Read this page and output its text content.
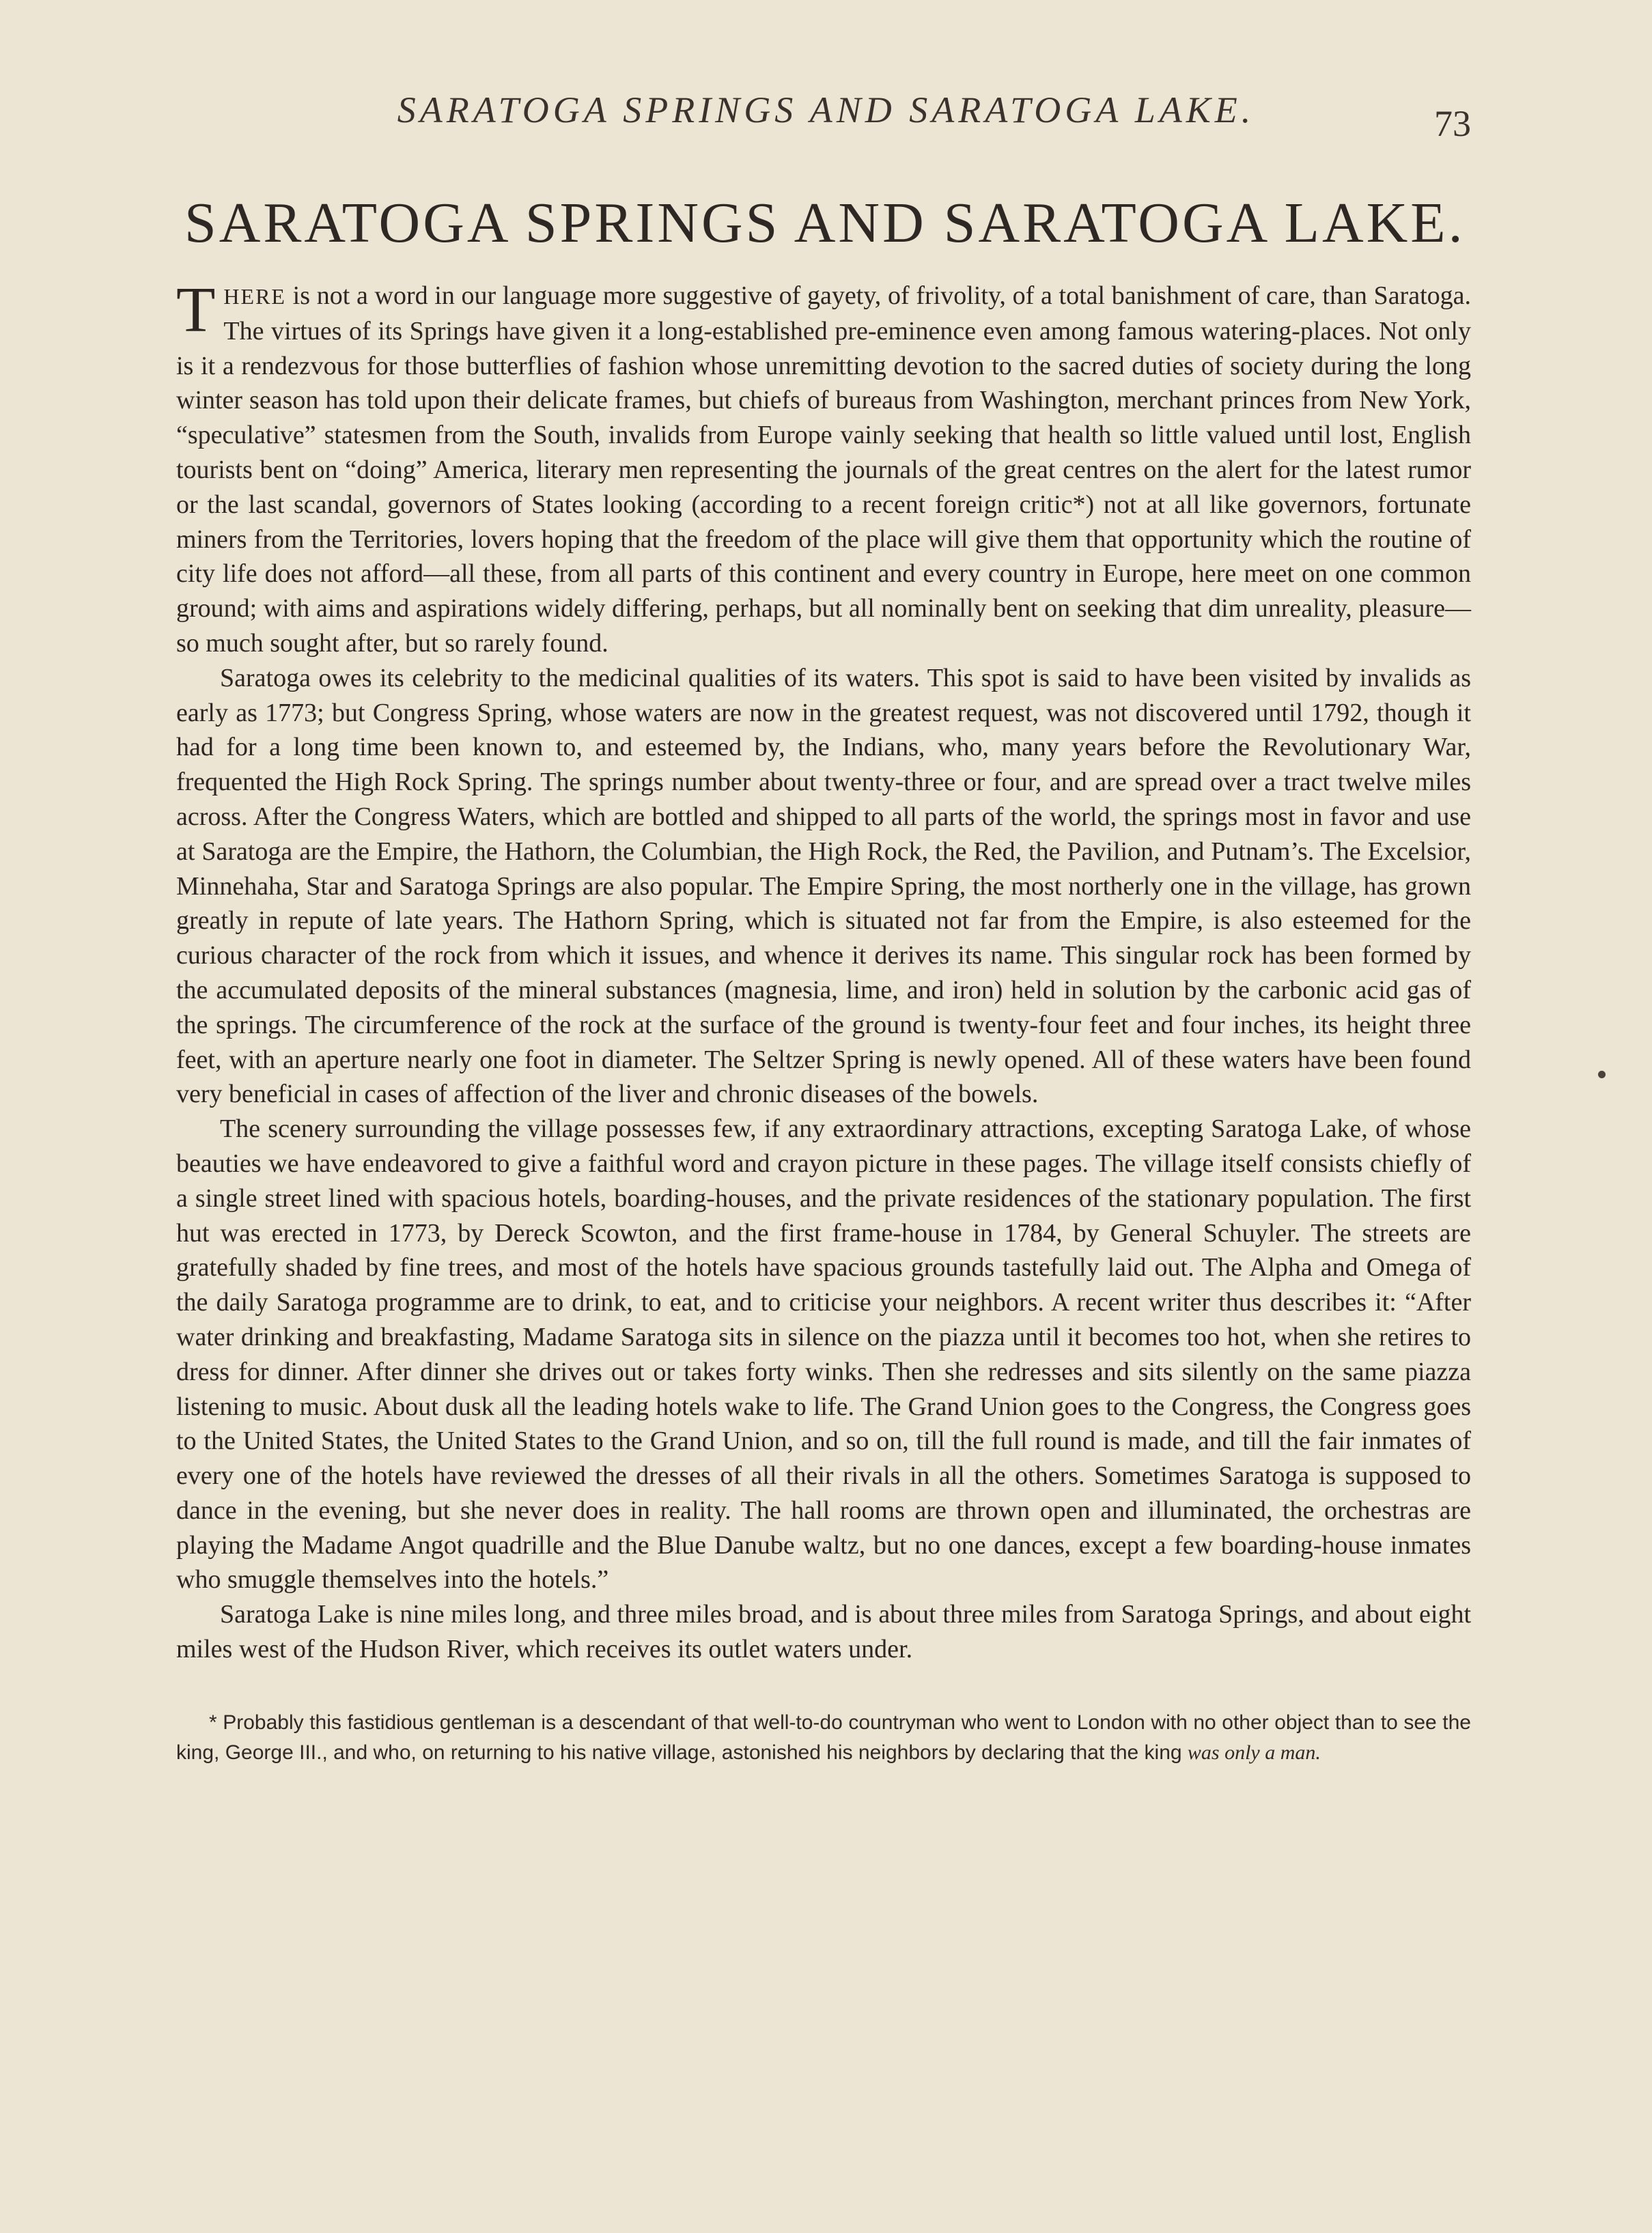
SARATOGA SPRINGS AND SARATOGA LAKE.	73
SARATOGA SPRINGS AND SARATOGA LAKE.

THERE is not a word in our language more suggestive of gayety, of frivolity, of a total banishment of care, than Saratoga. The virtues of its Springs have given it a long-established pre-eminence even among famous watering-places. Not only is it a rendezvous for those butterflies of fashion whose unremitting devotion to the sacred duties of society during the long winter season has told upon their delicate frames, but chiefs of bureaus from Washington, merchant princes from New York, “speculative” statesmen from the South, invalids from Europe vainly seeking that health so little valued until lost, English tourists bent on “doing” America, literary men representing the journals of the great centres on the alert for the latest rumor or the last scandal, governors of States looking (according to a recent foreign critic*) not at all like governors, fortunate miners from the Territories, lovers hoping that the freedom of the place will give them that opportunity which the routine of city life does not afford—all these, from all parts of this continent and every country in Europe, here meet on one common ground; with aims and aspirations widely differing, perhaps, but all nominally bent on seeking that dim unreality, pleasure—so much sought after, but so rarely found.

Saratoga owes its celebrity to the medicinal qualities of its waters. This spot is said to have been visited by invalids as early as 1773; but Congress Spring, whose waters are now in the greatest request, was not discovered until 1792, though it had for a long time been known to, and esteemed by, the Indians, who, many years before the Revolutionary War, frequented the High Rock Spring. The springs number about twenty-three or four, and are spread over a tract twelve miles across. After the Congress Waters, which are bottled and shipped to all parts of the world, the springs most in favor and use at Saratoga are the Empire, the Hathorn, the Columbian, the High Rock, the Red, the Pavilion, and Putnam’s. The Excelsior, Minnehaha, Star and Saratoga Springs are also popular. The Empire Spring, the most northerly one in the village, has grown greatly in repute of late years. The Hathorn Spring, which is situated not far from the Empire, is also esteemed for the curious character of the rock from which it issues, and whence it derives its name. This singular rock has been formed by the accumulated deposits of the mineral substances (magnesia, lime, and iron) held in solution by the carbonic acid gas of the springs. The circumference of the rock at the surface of the ground is twenty-four feet and four inches, its height three feet, with an aperture nearly one foot in diameter. The Seltzer Spring is newly opened. All of these waters have been found very beneficial in cases of affection of the liver and chronic diseases of the bowels.

The scenery surrounding the village possesses few, if any extraordinary attractions, excepting Saratoga Lake, of whose beauties we have endeavored to give a faithful word and crayon picture in these pages. The village itself consists chiefly of a single street lined with spacious hotels, boarding-houses, and the private residences of the stationary population. The first hut was erected in 1773, by Dereck Scowton, and the first frame-house in 1784, by General Schuyler. The streets are gratefully shaded by fine trees, and most of the hotels have spacious grounds tastefully laid out. The Alpha and Omega of the daily Saratoga programme are to drink, to eat, and to criticise your neighbors. A recent writer thus describes it: “After water drinking and breakfasting, Madame Saratoga sits in silence on the piazza until it becomes too hot, when she retires to dress for dinner. After dinner she drives out or takes forty winks. Then she redresses and sits silently on the same piazza listening to music. About dusk all the leading hotels wake to life. The Grand Union goes to the Congress, the Congress goes to the United States, the United States to the Grand Union, and so on, till the full round is made, and till the fair inmates of every one of the hotels have reviewed the dresses of all their rivals in all the others. Sometimes Saratoga is supposed to dance in the evening, but she never does in reality. The hall rooms are thrown open and illuminated, the orchestras are playing the Madame Angot quadrille and the Blue Danube waltz, but no one dances, except a few boarding-house inmates who smuggle themselves into the hotels.”

Saratoga Lake is nine miles long, and three miles broad, and is about three miles from Saratoga Springs, and about eight miles west of the Hudson River, which receives its outlet waters under.

* Probably this fastidious gentleman is a descendant of that well-to-do countryman who went to London with no other object than to see the king, George III., and who, on returning to his native village, astonished his neighbors by declaring that the king was only a man.
